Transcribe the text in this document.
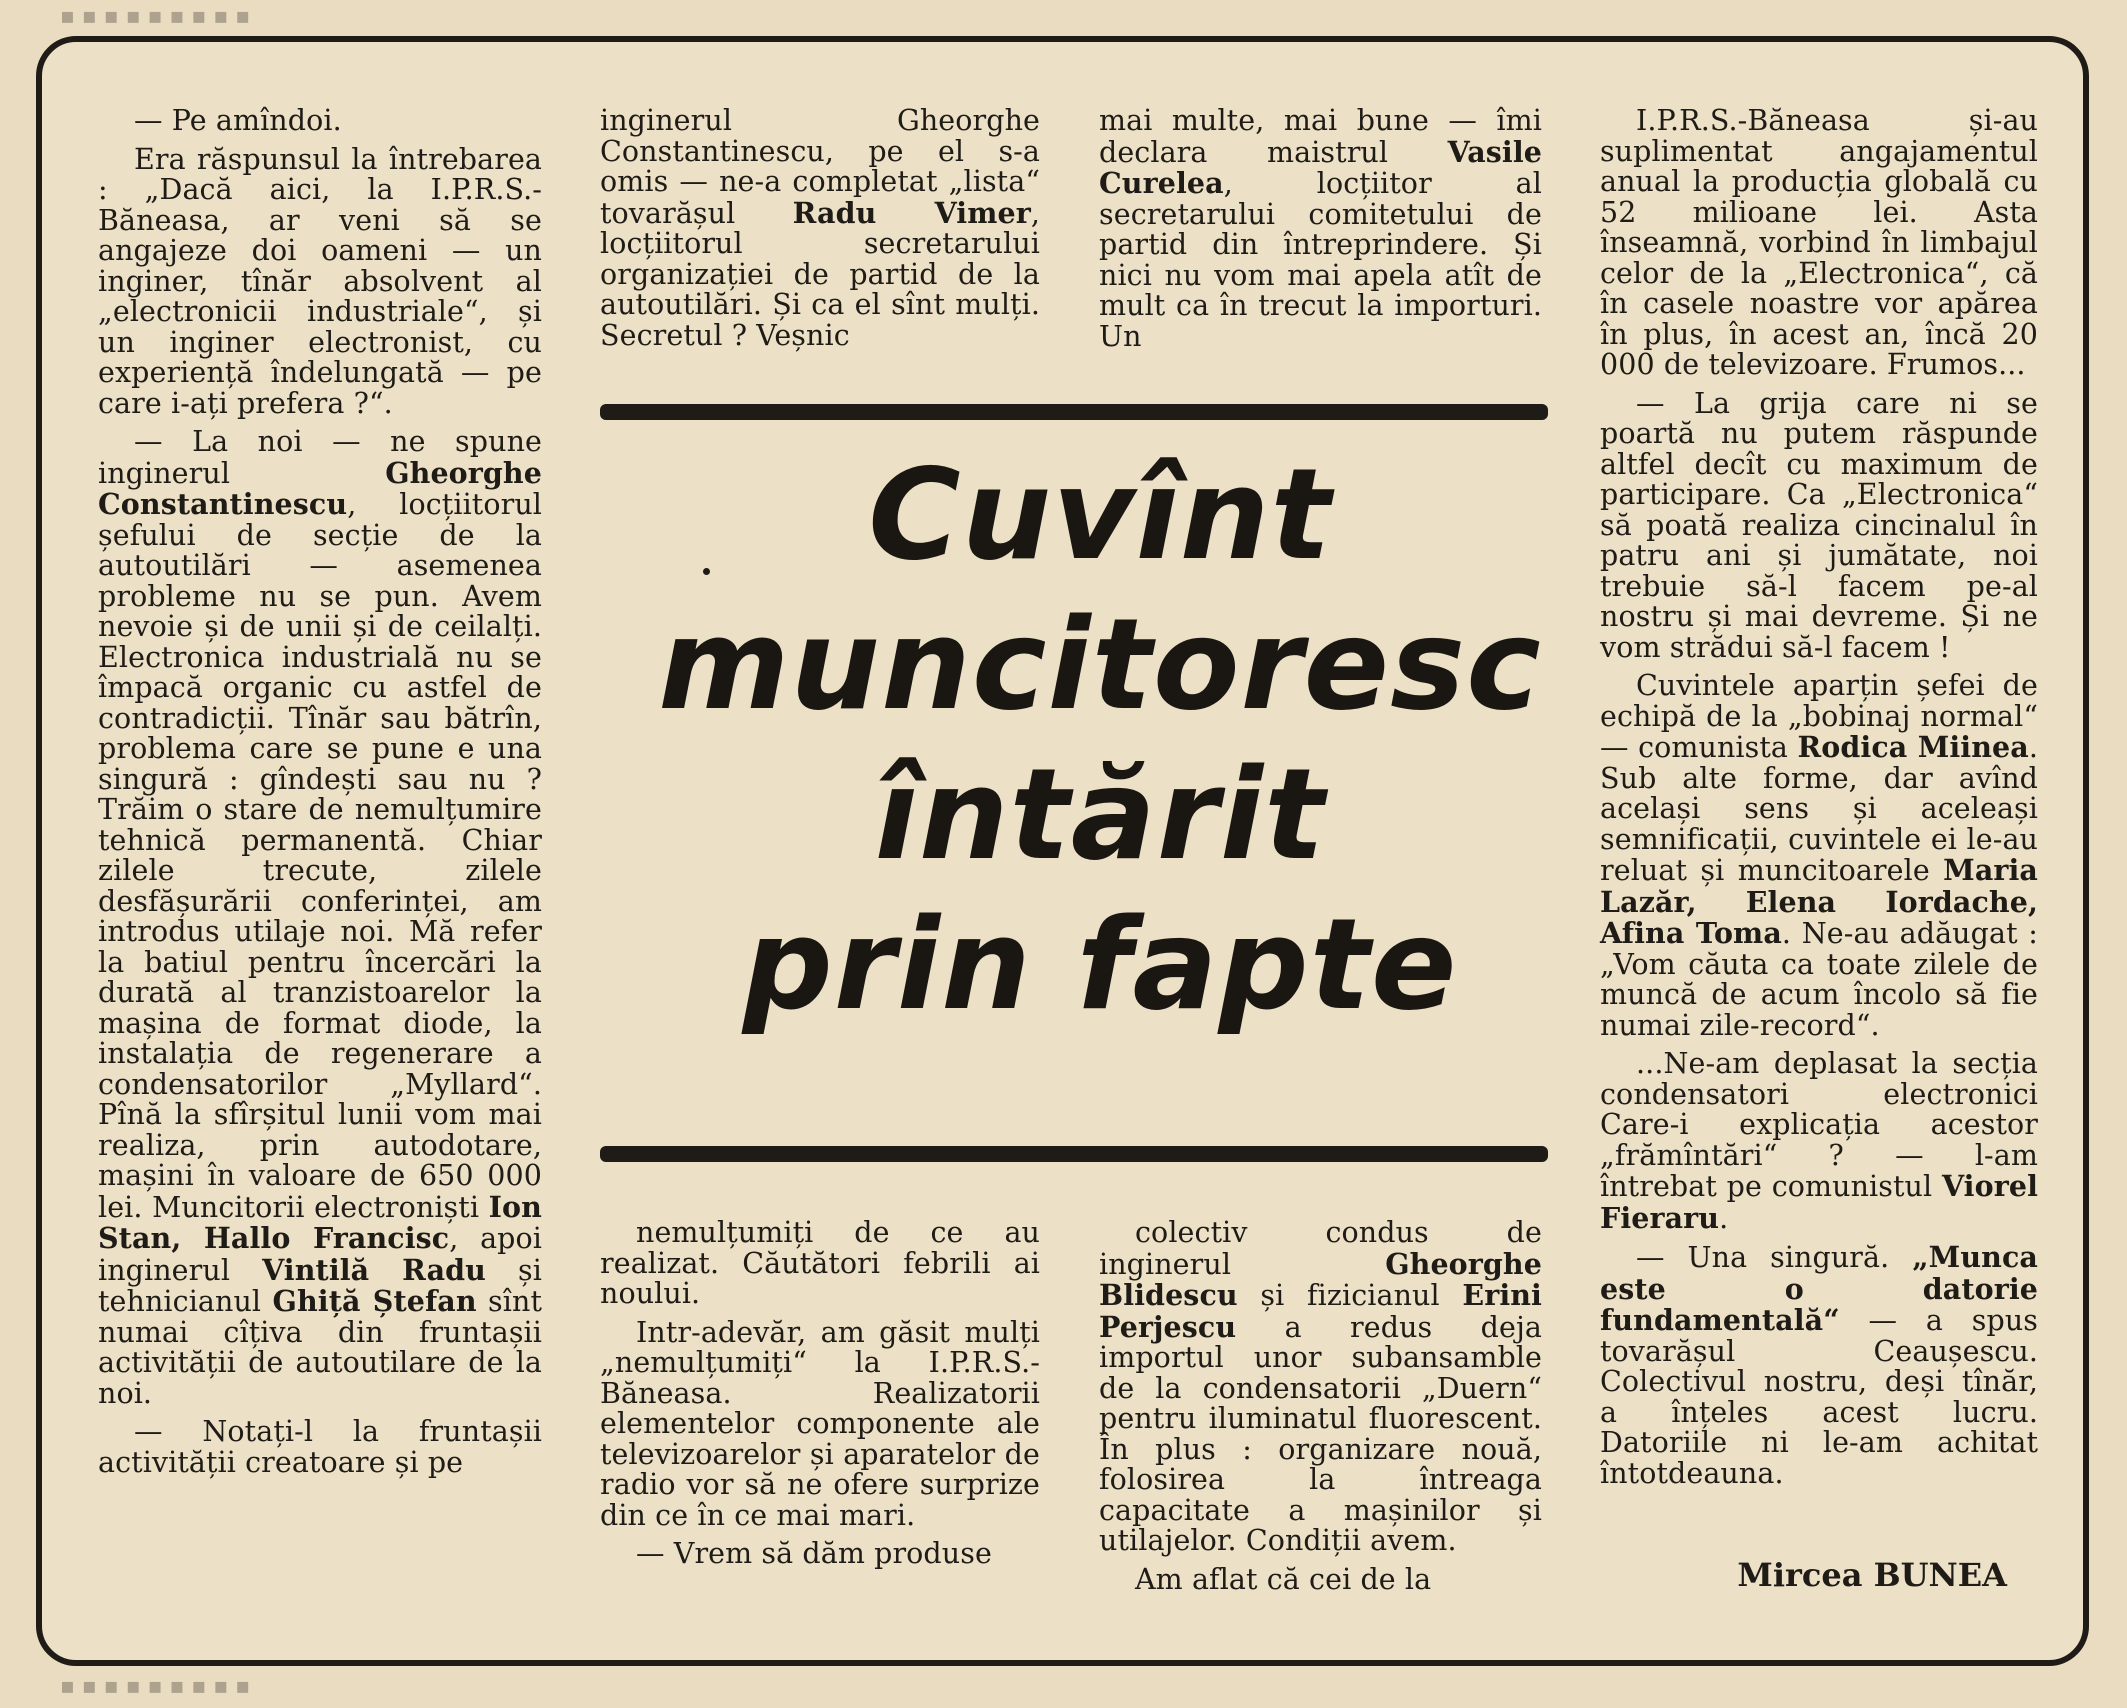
▪ ▪ ▪ ▪ ▪ ▪ ▪ ▪ ▪
▪ ▪ ▪ ▪ ▪ ▪ ▪ ▪ ▪

— Pe amîndoi.

Era răspunsul la întrebarea : „Dacă aici, la I.P.R.S.-Băneasa, ar veni să se angajeze doi oameni — un inginer, tînăr absolvent al „electronicii industriale“, și un inginer electronist, cu experiență îndelungată — pe care i-ați prefera ?“.

— La noi — ne spune inginerul Gheorghe Constantinescu, locțiitorul șefului de secție de la autoutilări — asemenea probleme nu se pun. Avem nevoie și de unii și de ceilalți. Electronica industrială nu se împacă organic cu astfel de contradicții. Tînăr sau bătrîn, problema care se pune e una singură : gîndești sau nu ? Trăim o stare de nemulțumire tehnică permanentă. Chiar zilele trecute, zilele desfășurării conferinței, am introdus utilaje noi. Mă refer la batiul pentru încercări la durată al tranzistoarelor la mașina de format diode, la instalația de regenerare a condensatorilor „Myllard“. Pînă la sfîrșitul lunii vom mai realiza, prin autodotare, mașini în valoare de 650 000 lei. Muncitorii electroniști Ion Stan, Hallo Francisc, apoi inginerul Vintilă Radu și tehnicianul Ghiță Ștefan sînt numai cîțiva din fruntașii activității de autoutilare de la noi.

— Notați-l la fruntașii activității creatoare și pe

inginerul Gheorghe Constantinescu, pe el s-a omis — ne-a completat „lista“ tovarășul Radu Vimer, locțiitorul secretarului organizației de partid de la autoutilări. Și ca el sînt mulți. Secretul ? Veșnic

mai multe, mai bune — îmi declara maistrul Vasile Curelea, locțiitor al secretarului comitetului de partid din întreprindere. Și nici nu vom mai apela atît de mult ca în trecut la importuri. Un

I.P.R.S.-Băneasa și-au suplimentat angajamentul anual la producția globală cu 52 milioane lei. Asta înseamnă, vorbind în limbajul celor de la „Electronica“, că în casele noastre vor apărea în plus, în acest an, încă 20 000 de televizoare. Frumos...

— La grija care ni se poartă nu putem răspunde altfel decît cu maximum de participare. Ca „Electronica“ să poată realiza cincinalul în patru ani și jumătate, noi trebuie să-l facem pe-al nostru și mai devreme. Și ne vom strădui să-l facem !

Cuvintele aparțin șefei de echipă de la „bobinaj normal“ — comunista Rodica Miinea. Sub alte forme, dar avînd același sens și aceleași semnificații, cuvintele ei le-au reluat și muncitoarele Maria Lazăr, Elena Iordache, Afina Toma. Ne-au adăugat : „Vom căuta ca toate zilele de muncă de acum încolo să fie numai zile-record“.

...Ne-am deplasat la secția condensatori electronici Care-i explicația acestor „frămîntări“ ? — l-am întrebat pe comunistul Viorel Fieraru.

— Una singură. „Munca este o datorie fundamentală“ — a spus tovarășul Ceaușescu. Colectivul nostru, deși tînăr, a înțeles acest lucru. Datoriile ni le-am achitat întotdeauna.

Cuvînt
muncitoresc
întărit
prin fapte

nemulțumiți de ce au realizat. Căutători febrili ai noului.

Intr-adevăr, am găsit mulți „nemulțumiți“ la I.P.R.S.-Băneasa. Realizatorii elementelor componente ale televizoarelor și aparatelor de radio vor să ne ofere surprize din ce în ce mai mari.

— Vrem să dăm produse

colectiv condus de inginerul Gheorghe Blidescu și fizicianul Erini Perjescu a redus deja importul unor subansamble de la condensatorii „Duern“ pentru iluminatul fluorescent. În plus : organizare nouă, folosirea la întreaga capacitate a mașinilor și utilajelor. Condiții avem.

Am aflat că cei de la	Mircea BUNEA
